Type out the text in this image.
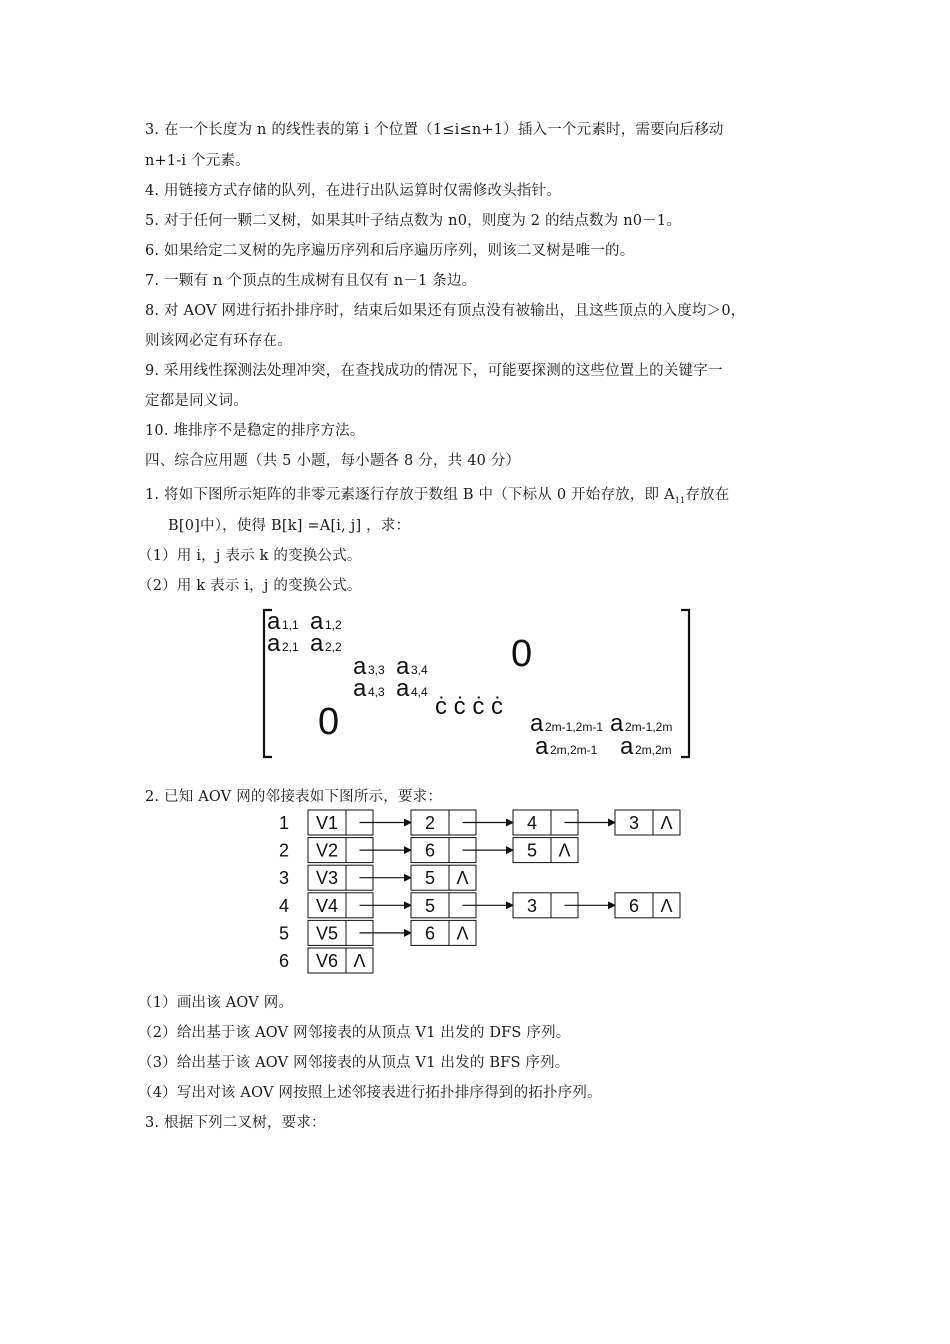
3. 在一个长度为 n 的线性表的第 i 个位置（1≤i≤n+1）插入一个元素时，需要向后移动
n+1-i 个元素。
4. 用链接方式存储的队列，在进行出队运算时仅需修改头指针。
5. 对于任何一颗二叉树，如果其叶子结点数为 n0，则度为 2 的结点数为 n0－1。
6. 如果给定二叉树的先序遍历序列和后序遍历序列，则该二叉树是唯一的。
7. 一颗有 n 个顶点的生成树有且仅有 n－1 条边。
8. 对 AOV 网进行拓扑排序时，结束后如果还有顶点没有被输出，且这些顶点的入度均＞0，
则该网必定有环存在。
9. 采用线性探测法处理冲突，在查找成功的情况下，可能要探测的这些位置上的关键字一
定都是同义词。
10. 堆排序不是稳定的排序方法。
四、综合应用题（共 5 小题，每小题各 8 分，共 40 分）
1. 将如下图所示矩阵的非零元素逐行存放于数组 B 中（下标从 0 开始存放，即 $A_{11}$存放在
B[0]中），使得 B[k] =A[i, j] ，求：
（1）用 i，j 表示 k 的变换公式。
（2）用 k 表示 i，j 的变换公式。
a 1,1 a 1,2
a 2,1 a 2,2
a 3,3 a 3,4
a 4,3 a 4,4
0
0	ċ ċ ċ ċ
a 2m-1,2m-1 a 2m-1,2m
a 2m,2m-1 a 2m,2m
2. 已知 AOV 网的邻接表如下图所示，要求：
1 V1	2	4	3 Λ
2 V2	6	5 Λ
3 V3	5 Λ
4 V4	5	3	6 Λ
5 V5	6 Λ
6 V6 Λ
（1）画出该 AOV 网。
（2）给出基于该 AOV 网邻接表的从顶点 V1 出发的 DFS 序列。
（3）给出基于该 AOV 网邻接表的从顶点 V1 出发的 BFS 序列。
（4）写出对该 AOV 网按照上述邻接表进行拓扑排序得到的拓扑序列。
3. 根据下列二叉树，要求：
